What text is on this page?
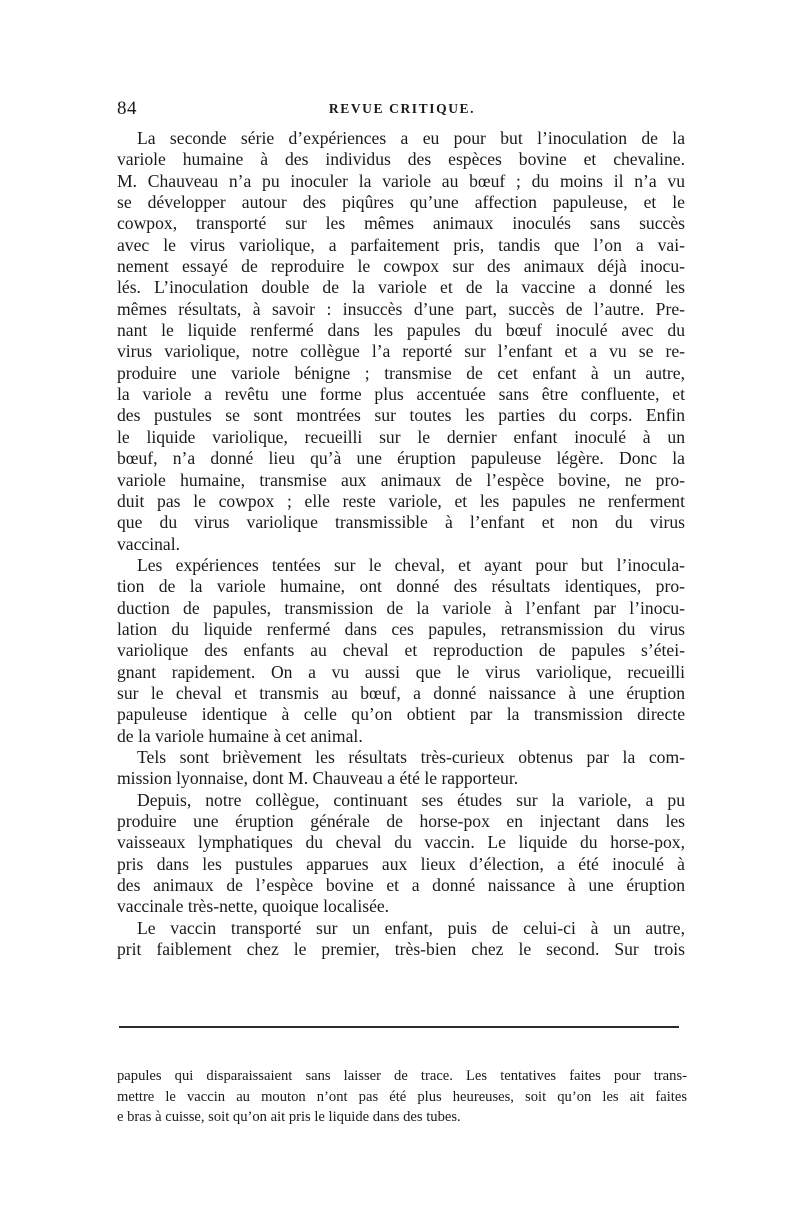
84	REVUE CRITIQUE.
La seconde série d’expériences a eu pour but l’inoculation de la
variole humaine à des individus des espèces bovine et chevaline.
M. Chauveau n’a pu inoculer la variole au bœuf ; du moins il n’a vu
se développer autour des piqûres qu’une affection papuleuse, et le
cowpox, transporté sur les mêmes animaux inoculés sans succès
avec le virus variolique, a parfaitement pris, tandis que l’on a vai-
nement essayé de reproduire le cowpox sur des animaux déjà inocu-
lés. L’inoculation double de la variole et de la vaccine a donné les
mêmes résultats, à savoir : insuccès d’une part, succès de l’autre. Pre-
nant le liquide renfermé dans les papules du bœuf inoculé avec du
virus variolique, notre collègue l’a reporté sur l’enfant et a vu se re-
produire une variole bénigne ; transmise de cet enfant à un autre,
la variole a revêtu une forme plus accentuée sans être confluente, et
des pustules se sont montrées sur toutes les parties du corps. Enfin
le liquide variolique, recueilli sur le dernier enfant inoculé à un
bœuf, n’a donné lieu qu’à une éruption papuleuse légère. Donc la
variole humaine, transmise aux animaux de l’espèce bovine, ne pro-
duit pas le cowpox ; elle reste variole, et les papules ne renferment
que du virus variolique transmissible à l’enfant et non du virus
vaccinal.
Les expériences tentées sur le cheval, et ayant pour but l’inocula-
tion de la variole humaine, ont donné des résultats identiques, pro-
duction de papules, transmission de la variole à l’enfant par l’inocu-
lation du liquide renfermé dans ces papules, retransmission du virus
variolique des enfants au cheval et reproduction de papules s’étei-
gnant rapidement. On a vu aussi que le virus variolique, recueilli
sur le cheval et transmis au bœuf, a donné naissance à une éruption
papuleuse identique à celle qu’on obtient par la transmission directe
de la variole humaine à cet animal.
Tels sont brièvement les résultats très-curieux obtenus par la com-
mission lyonnaise, dont M. Chauveau a été le rapporteur.
Depuis, notre collègue, continuant ses études sur la variole, a pu
produire une éruption générale de horse-pox en injectant dans les
vaisseaux lymphatiques du cheval du vaccin. Le liquide du horse-pox,
pris dans les pustules apparues aux lieux d’élection, a été inoculé à
des animaux de l’espèce bovine et a donné naissance à une éruption
vaccinale très-nette, quoique localisée.
Le vaccin transporté sur un enfant, puis de celui-ci à un autre,
prit faiblement chez le premier, très-bien chez le second. Sur trois
papules qui disparaissaient sans laisser de trace. Les tentatives faites pour trans-
mettre le vaccin au mouton n’ont pas été plus heureuses, soit qu’on les ait faites
e bras à cuisse, soit qu’on ait pris le liquide dans des tubes.
